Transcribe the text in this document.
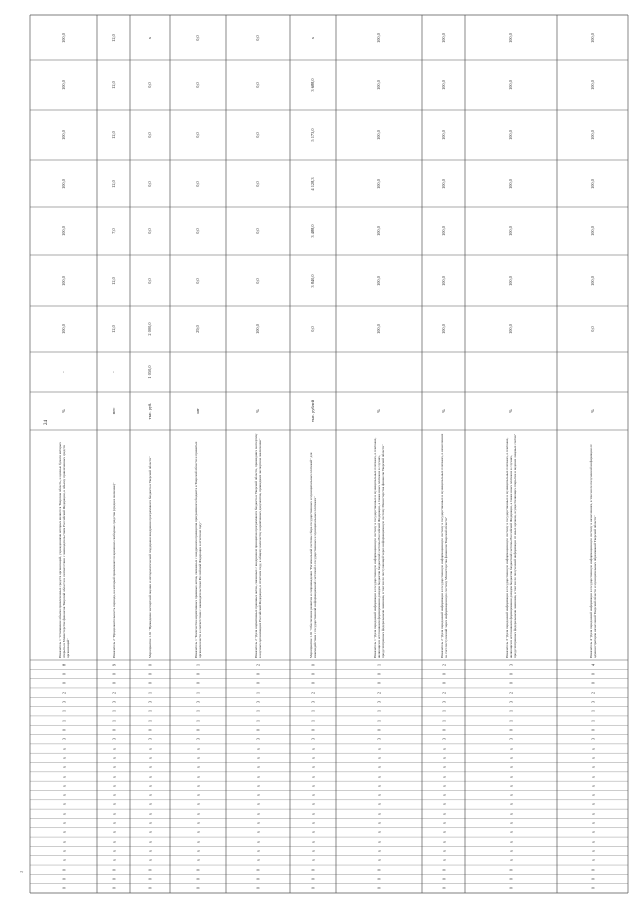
24
Показатель 1 "Отношение объема привлеченных средств организаций, учреждениями которых являются Тверская область, и ценные бумаги которых открыты в Министерстве финансов Тверской области в соответствии с законодательством Российской Федерации, к объему привлеченных средств организаций"
%
-
100,0
100,0
100,0
100,0
100,0
100,0
100,0
0
0
0
x
x
x
x
x
x
x
x
x
x
x
x
x
3
0
1
1
3
2
0
0
8
Показатель 2 "Продолжительность периода, на который привлекаются временно свободные средства (среднее значение)"
мес
-
12,0
12,0
7,0
12,0
12,0
12,0
12,0
0
0
0
x
x
x
x
x
x
x
x
x
x
x
x
x
3
0
1
1
3
2
0
0
9
Мероприятие 1.01 "Проведение экспертной оценки и методологической поддержки внедрения программного бюджета в Тверской области"
тыс. руб.
1 050,0
2 000,0
0,0
0,0
0,0
0,0
0,0
x
0
0
0
x
x
x
x
x
x
x
x
x
x
x
x
x
3
0
1
1
3
1
0
0
0
Показатель 1 "Количество нормативных правовых актов, связанных с внедрением принципов программного бюджета в Тверской области и принятых органами власти в соответствии с законодательством Российской Федерации в отчетном году"
шт
29,0
0,0
0,0
0,0
0,0
0,0
0,0
0
0
0
x
x
x
x
x
x
x
x
x
x
x
x
x
3
0
1
1
3
1
0
0
1
Показатель 2 "Доля нормативных правовых актов, связанных с внедрением принципов программного бюджета в Тверской области, прошедших экспертизу в научных организациях Российской Федерации, в отчетном году, к общему количеству нормативных документов, прошедших экспертное заключение"
%
100,0
0,0
0,0
0,0
0,0
0,0
0,0
0
0
0
x
x
x
x
x
x
x
x
x
x
x
x
x
3
0
1
1
3
1
0
0
2
Мероприятие 1.01 "Обеспечение развития и сопровождения "Региональной системы сбора государственных и муниципальных платежей" для взаимодействия с государственной информационной системой о государственных и муниципальных платежах"
тыс. рублей
0,0
3 840,0
3 488,0
4 128,3
5 173,0
3 688,0
x
0
0
0
x
x
x
x
x
x
x
x
x
x
x
x
x
3
0
1
1
3
2
0
0
0
Показатель 1 "Доля переданной информации в государственную информационную систему о государственных и муниципальных платежах, о платежах, являющихся источниками формирования доходов бюджетов бюджетной системы Российской Федерации, а также иных платежах в случаях, предусмотренных федеральными законами, в том числе поступающей через информационную систему Министерства финансов Тверской области"
%
100,0
100,0
100,0
100,0
100,0
100,0
100,0
0
0
0
x
x
x
x
x
x
x
x
x
x
x
x
x
3
0
1
1
3
2
0
0
1
Показатель 2 "Доля переданной информации в государственную информационную систему о государственных и муниципальных платежах, о начислениях за счет поступлений через информационную систему Министерства финансов Тверской области"
%
100,0
100,0
100,0
100,0
100,0
100,0
100,0
0
0
0
x
x
x
x
x
x
x
x
x
x
x
x
x
3
0
1
1
3
2
0
0
2
Показатель 3 "Доля переданной информации в государственную информационную систему о государственных и муниципальных платежах, о платежах, являющихся источниками формирования доходов бюджетов бюджетной системы Российской Федерации, а также иных платежах в случаях, предусмотренных федеральными законами, в том числе полученной информации от иных органов, осуществляющих открытие и ведение лицевых счетов"
%
100,0
100,0
100,0
100,0
100,0
100,0
100,0
0
0
0
x
x
x
x
x
x
x
x
x
x
x
x
x
3
0
1
1
3
2
0
0
3
Показатель 4 "Доля переданной информации в государственную информационную систему о начислениях, в том числе полученной информации от администраторов начислений Тверской области и муниципальных образований Тверской области"
%
0,0
100,0
100,0
100,0
100,0
100,0
100,0
0
0
0
x
x
x
x
x
x
x
x
x
x
x
x
x
3
0
1
1
3
2
0
0
4
~
